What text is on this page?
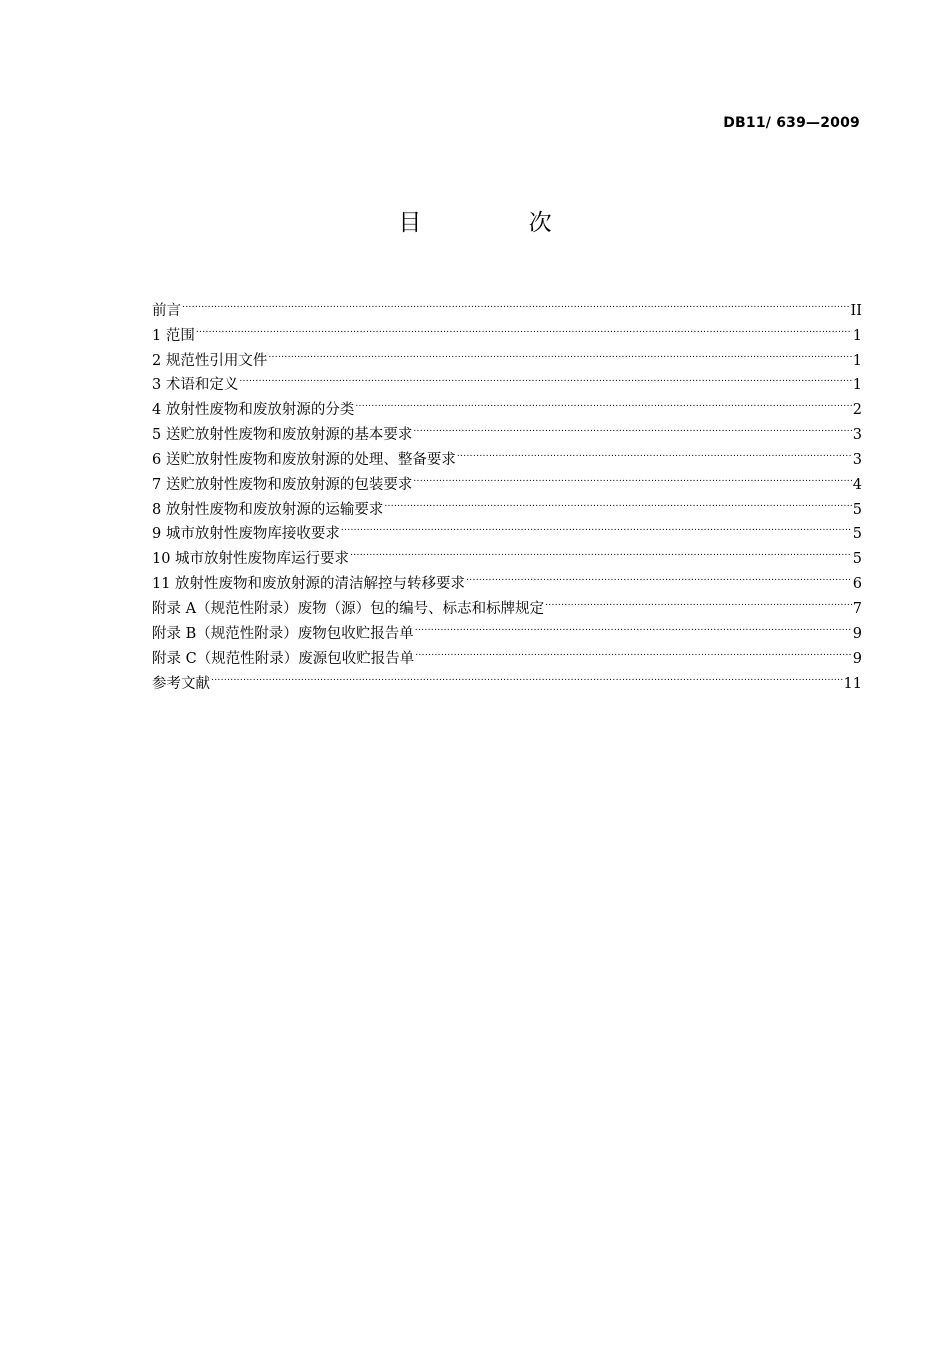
DB11/ 639—2009
目 次
前言 .....	II
1 范围 .....	1
2 规范性引用文件 .....	1
3 术语和定义 .....	1
4 放射性废物和废放射源的分类 .....	2
5 送贮放射性废物和废放射源的基本要求 .....	3
6 送贮放射性废物和废放射源的处理、整备要求 .....	3
7 送贮放射性废物和废放射源的包装要求 .....	4
8 放射性废物和废放射源的运输要求 .....	5
9 城市放射性废物库接收要求 .....	5
10 城市放射性废物库运行要求 .....	5
11 放射性废物和废放射源的清洁解控与转移要求 .....	6
附录 A（规范性附录）废物（源）包的编号、标志和标牌规定 .....	7
附录 B（规范性附录）废物包收贮报告单 .....	9
附录 C（规范性附录）废源包收贮报告单 .....	9
参考文献 .....	11
